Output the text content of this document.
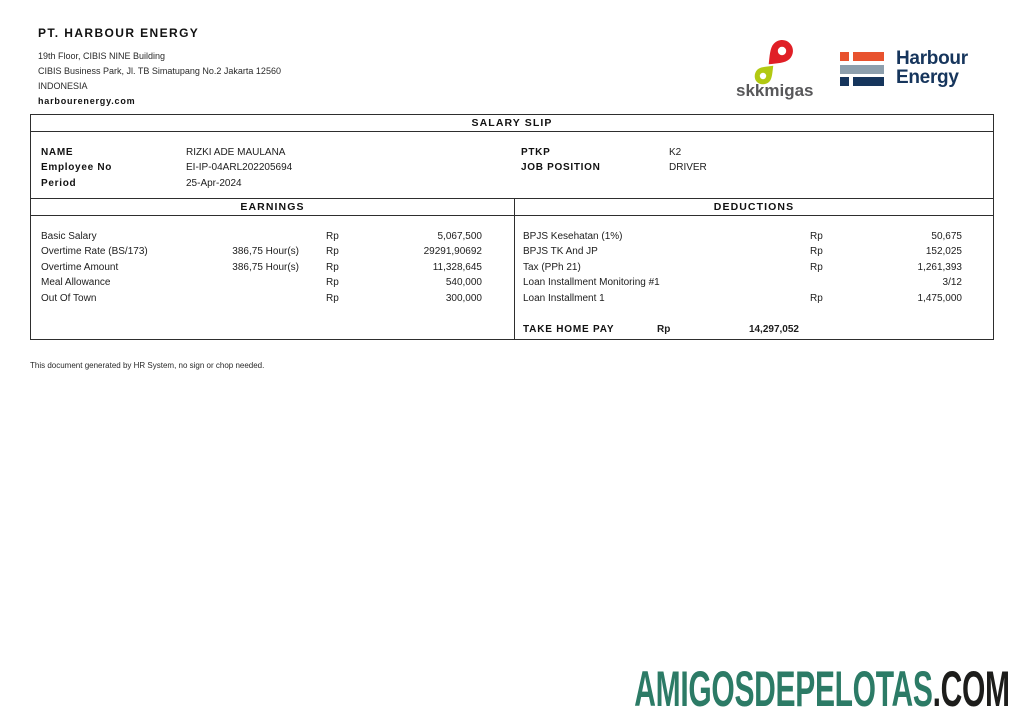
PT. HARBOUR ENERGY
19th Floor, CIBIS NINE Building
CIBIS Business Park, Jl. TB Simatupang No.2 Jakarta 12560
INDONESIA
harbourenergy.com
skkmigas
Harbour
Energy
SALARY SLIP
NAME	RIZKI ADE MAULANA
Employee No	EI-IP-04ARL202205694
Period	25-Apr-2024
PTKP	K2
JOB POSITION	DRIVER
EARNINGS	DEDUCTIONS
Basic Salary	Rp	5,067,500
Overtime Rate (BS/173)	386,75 Hour(s)	Rp	29291,90692
Overtime Amount	386,75 Hour(s)	Rp	11,328,645
Meal Allowance	Rp	540,000
Out Of Town	Rp	300,000
BPJS Kesehatan (1%)	Rp	50,675
BPJS TK And JP	Rp	152,025
Tax (PPh 21)	Rp	1,261,393
Loan Installment Monitoring #1	3/12
Loan Installment 1	Rp	1,475,000
TAKE HOME PAY	Rp	14,297,052
This document generated by HR System, no sign or chop needed.
AMIGOSDEPELOTAS.COM
